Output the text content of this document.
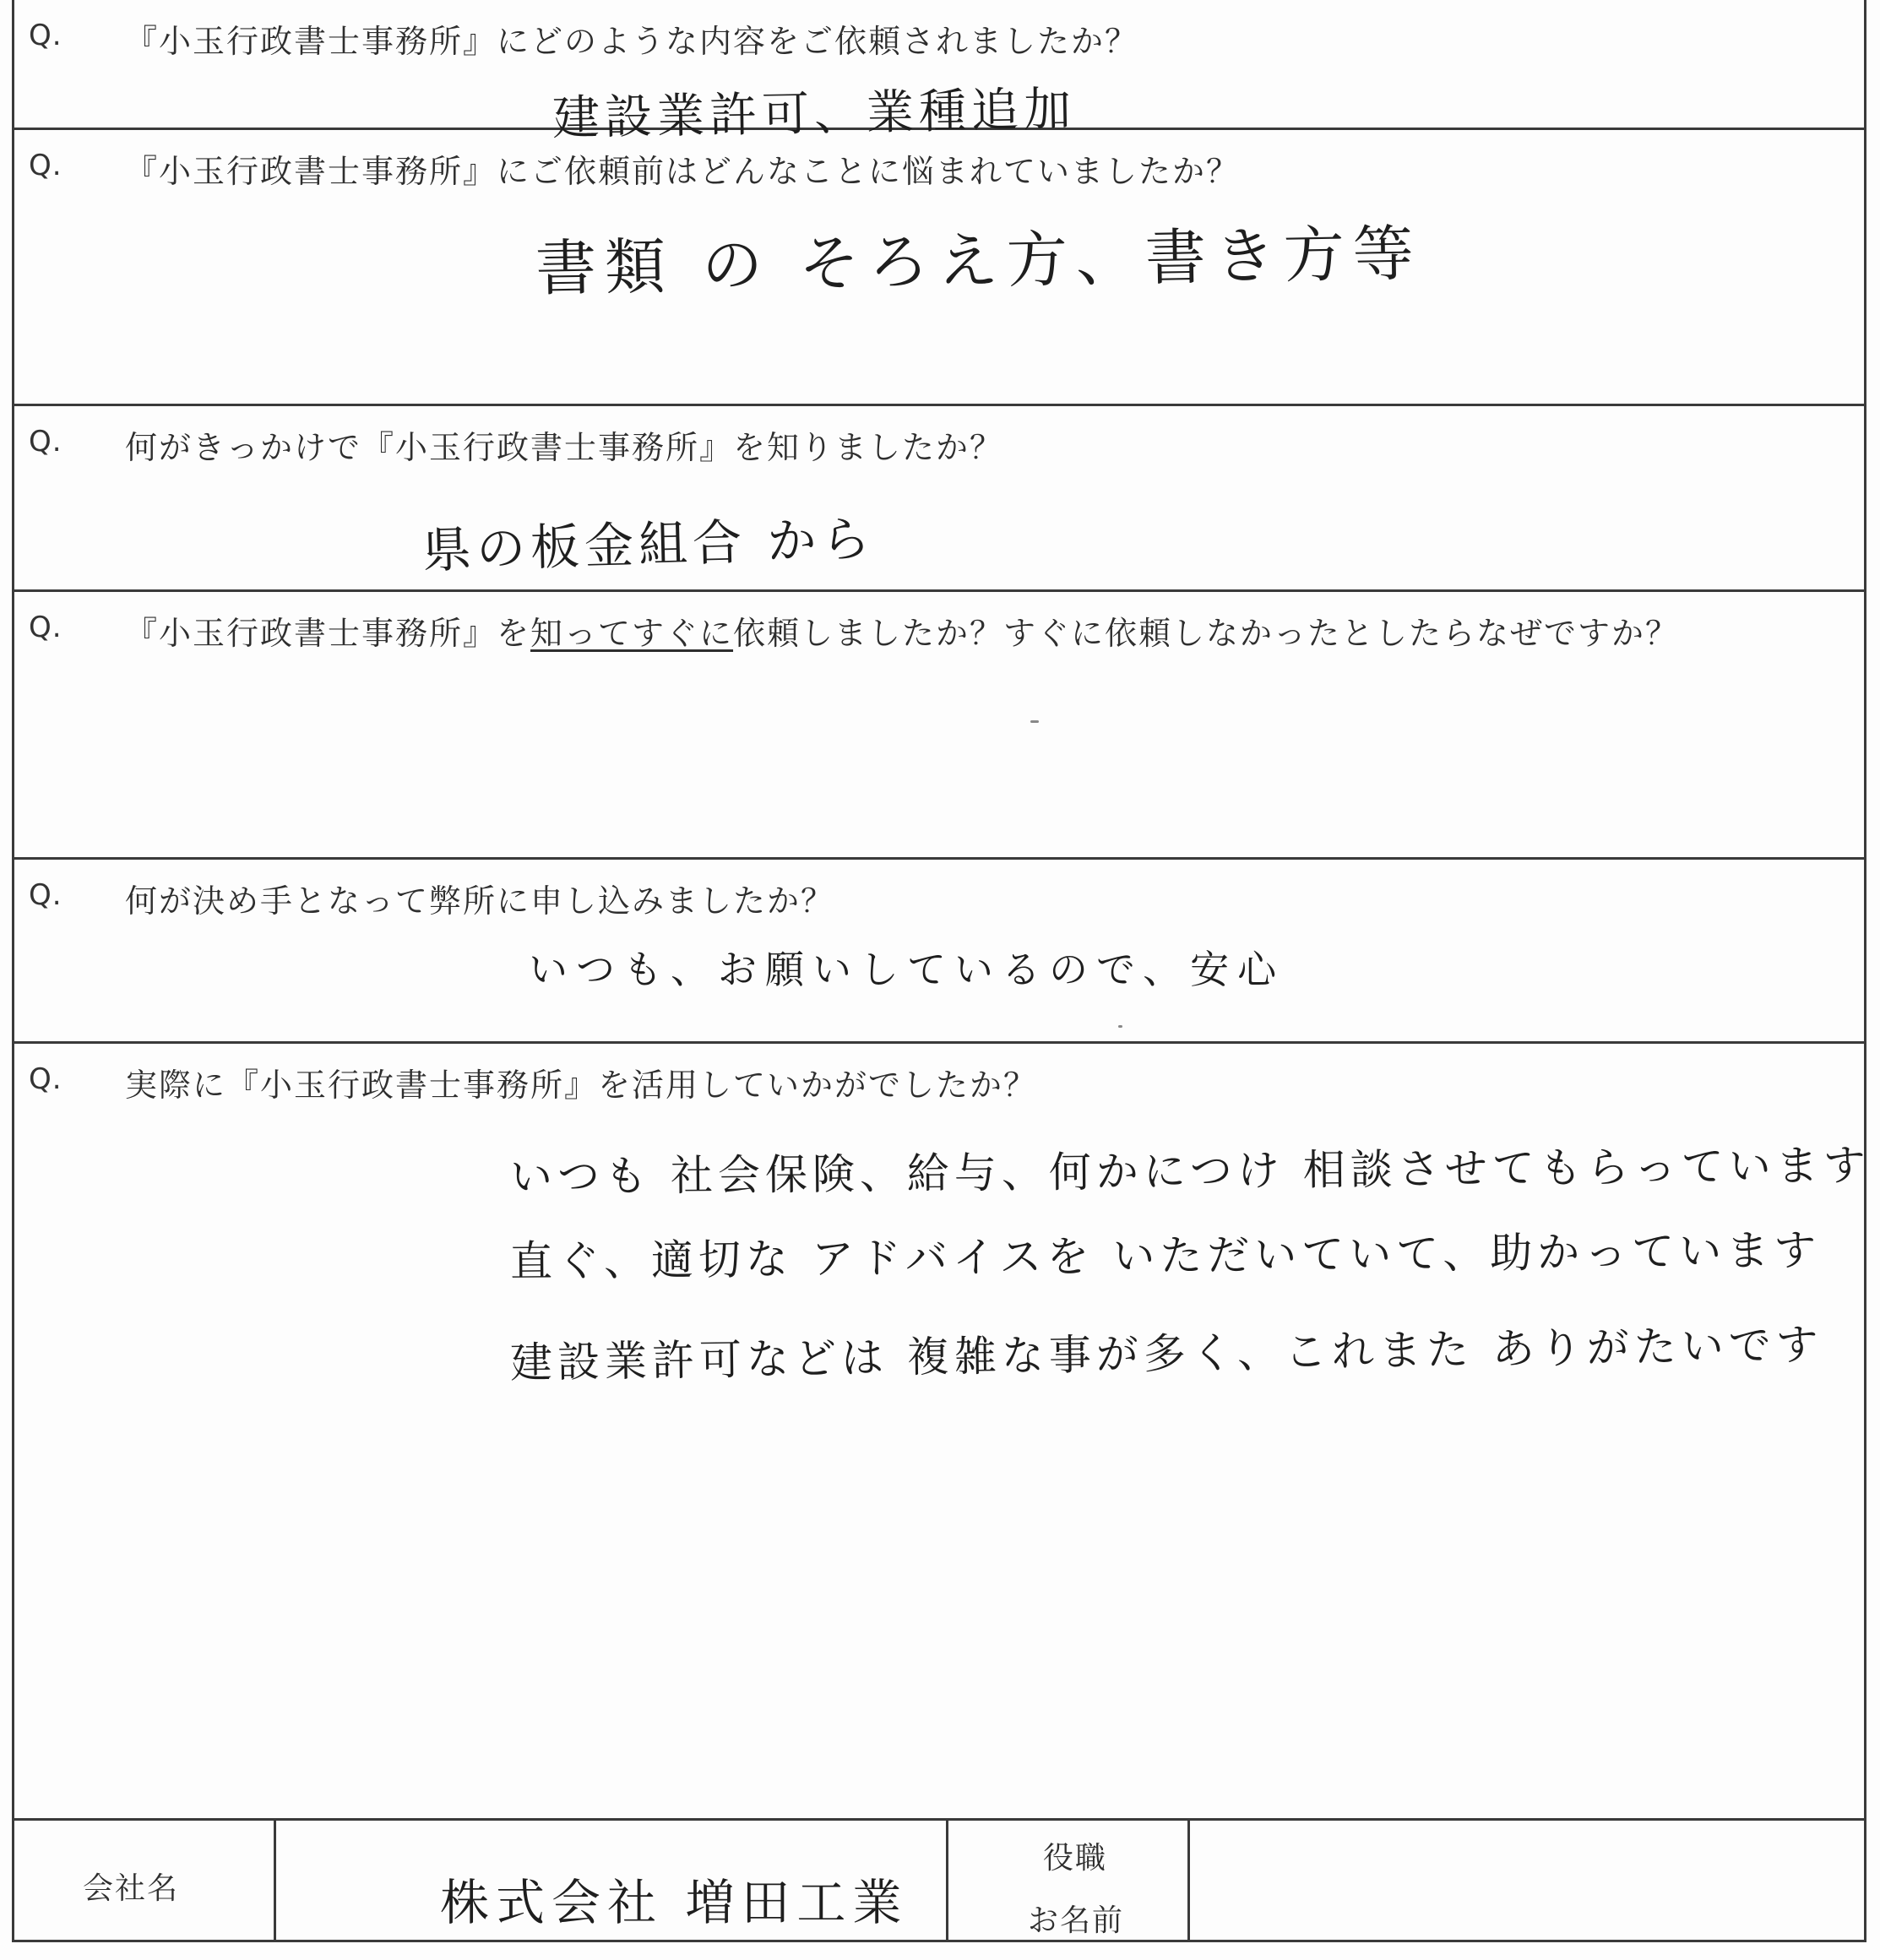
Q. 『小玉行政書士事務所』にどのような内容をご依頼されましたか？
建設業許可、業種追加
Q. 『小玉行政書士事務所』にご依頼前はどんなことに悩まれていましたか？
書類 の そろえ方、書き方等
Q. 何がきっかけで『小玉行政書士事務所』を知りましたか？
県の板金組合 から
Q. 『小玉行政書士事務所』を知ってすぐに依頼しましたか？すぐに依頼しなかったとしたらなぜですか？
Q. 何が決め手となって弊所に申し込みましたか？
いつも、お願いしているので、安心
Q. 実際に『小玉行政書士事務所』を活用していかがでしたか？
いつも 社会保険、給与、何かにつけ 相談させてもらっています
直ぐ、適切な アドバイスを いただいていて、助かっています
建設業許可などは 複雑な事が多く、これまた ありがたいです
会社名	株式会社 増田工業
役職
お名前
